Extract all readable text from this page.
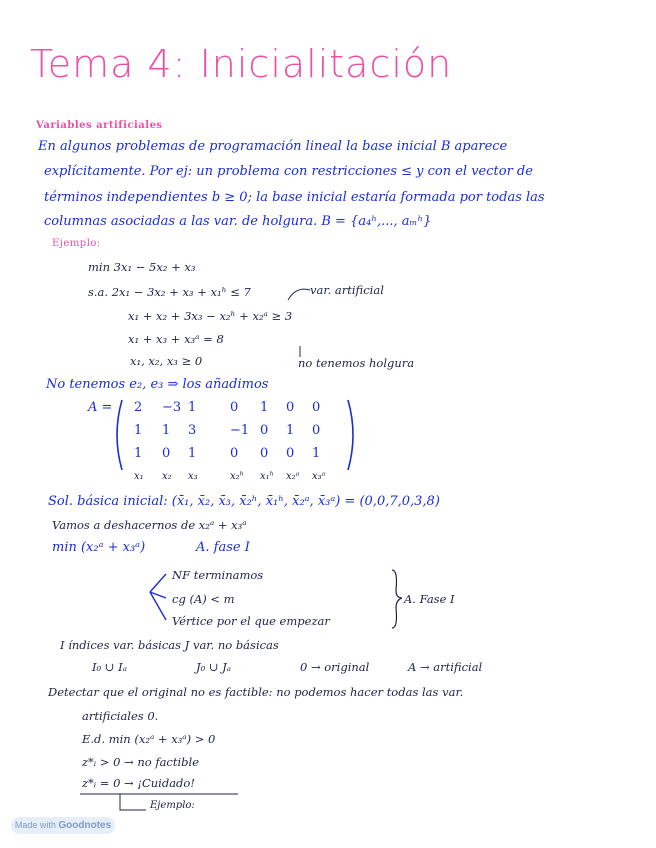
Tema 4: Inicialitación
Variables artificiales
En algunos problemas de programación lineal la base inicial B aparece
explícitamente. Por ej: un problema con restricciones ≤ y con el vector de
términos independientes b ≥ 0; la base inicial estaría formada por todas las
columnas asociadas a las var. de holgura. B = {a₄ʰ,..., aₘʰ}
Ejemplo:
min 3x₁ − 5x₂ + x₃
s.a. 2x₁ − 3x₂ + x₃ + x₁ʰ ≤ 7	var. artificial
x₁ + x₂ + 3x₃ − x₂ʰ + x₂ᵃ ≥ 3
x₁ + x₃ + x₃ᵃ = 8
x₁, x₂, x₃ ≥ 0	no tenemos holgura
No tenemos e₂, e₃ ⇒ los añadimos
A = 2 −3 1	0 1 0 0
1 1 3	−1 0 1 0
1 0 1	0 0 0 1
x₁ x₂ x₃	x₂ʰ x₁ʰ x₂ᵃ x₃ᵃ
Sol. básica inicial: (x̄₁, x̄₂, x̄₃, x̄₂ʰ, x̄₁ʰ, x̄₂ᵃ, x̄₃ᵃ) = (0,0,7,0,3,8)
Vamos a deshacernos de x₂ᵃ + x₃ᵃ
min (x₂ᵃ + x₃ᵃ)	A. fase I
NF terminamos
cg (A) < m
Vértice por el que empezar
A. Fase I
I índices var. básicas J var. no básicas
I₀ ∪ Iₐ	J₀ ∪ Jₐ	0 → original	A → artificial
Detectar que el original no es factible: no podemos hacer todas las var.
artificiales 0.
E.d. min (x₂ᵃ + x₃ᵃ) > 0
z*ᵢ > 0 → no factible
z*ᵢ = 0 → ¡Cuidado!
Ejemplo:
Made with Goodnotes
